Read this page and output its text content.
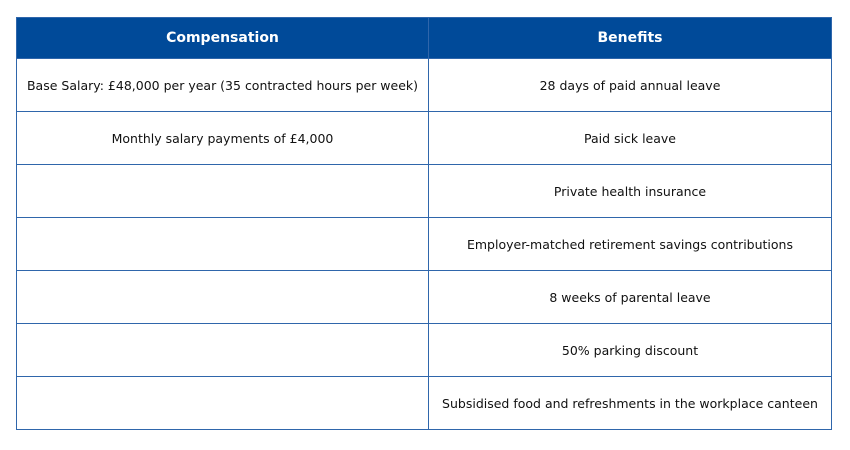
Compensation	Benefits
Base Salary: £48,000 per year (35 contracted hours per week)	28 days of paid annual leave
Monthly salary payments of £4,000	Paid sick leave
	Private health insurance
	Employer-matched retirement savings contributions
	8 weeks of parental leave
	50% parking discount
	Subsidised food and refreshments in the workplace canteen
